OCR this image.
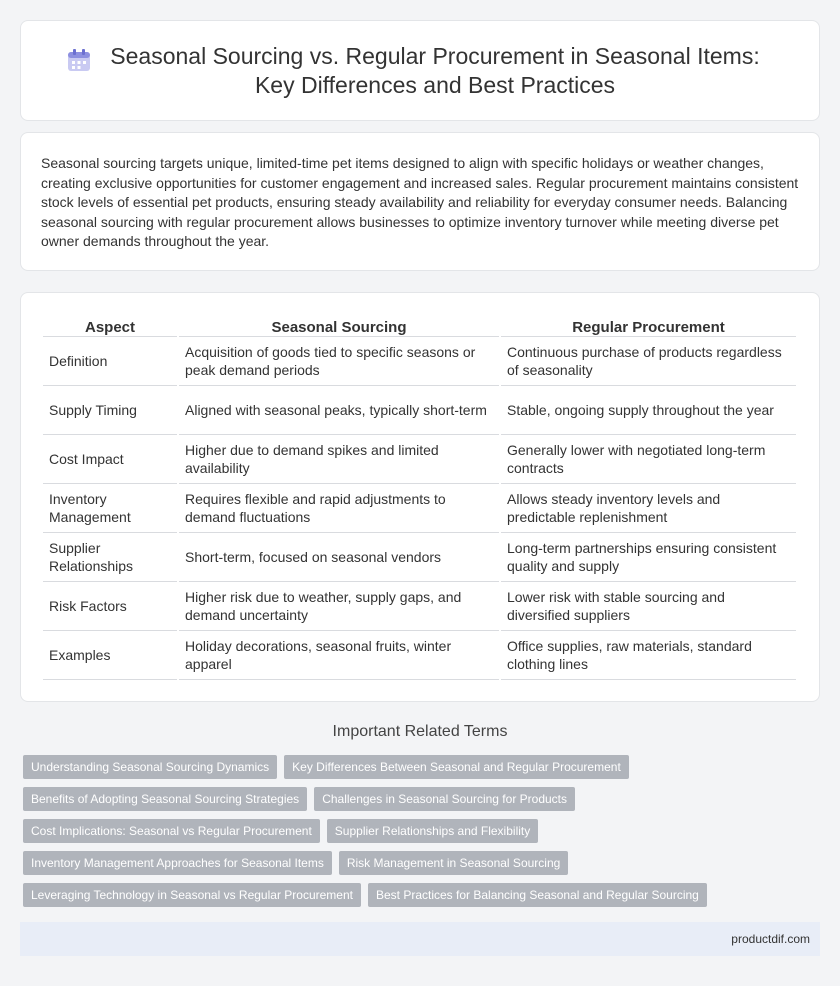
Seasonal Sourcing vs. Regular Procurement in Seasonal Items: Key Differences and Best Practices

Seasonal sourcing targets unique, limited-time pet items designed to align with specific holidays or weather changes, creating exclusive opportunities for customer engagement and increased sales. Regular procurement maintains consistent stock levels of essential pet products, ensuring steady availability and reliability for everyday consumer needs. Balancing seasonal sourcing with regular procurement allows businesses to optimize inventory turnover while meeting diverse pet owner demands throughout the year.

Aspect	Seasonal Sourcing	Regular Procurement
Definition	Acquisition of goods tied to specific seasons or peak demand periods	Continuous purchase of products regardless of seasonality
Supply Timing	Aligned with seasonal peaks, typically short-term	Stable, ongoing supply throughout the year
Cost Impact	Higher due to demand spikes and limited availability	Generally lower with negotiated long-term contracts
Inventory Management	Requires flexible and rapid adjustments to demand fluctuations	Allows steady inventory levels and predictable replenishment
Supplier Relationships	Short-term, focused on seasonal vendors	Long-term partnerships ensuring consistent quality and supply
Risk Factors	Higher risk due to weather, supply gaps, and demand uncertainty	Lower risk with stable sourcing and diversified suppliers
Examples	Holiday decorations, seasonal fruits, winter apparel	Office supplies, raw materials, standard clothing lines
Important Related Terms
Understanding Seasonal Sourcing Dynamics	Key Differences Between Seasonal and Regular Procurement
Benefits of Adopting Seasonal Sourcing Strategies	Challenges in Seasonal Sourcing for Products
Cost Implications: Seasonal vs Regular Procurement	Supplier Relationships and Flexibility
Inventory Management Approaches for Seasonal Items	Risk Management in Seasonal Sourcing
Leveraging Technology in Seasonal vs Regular Procurement	Best Practices for Balancing Seasonal and Regular Sourcing
productdif.com
